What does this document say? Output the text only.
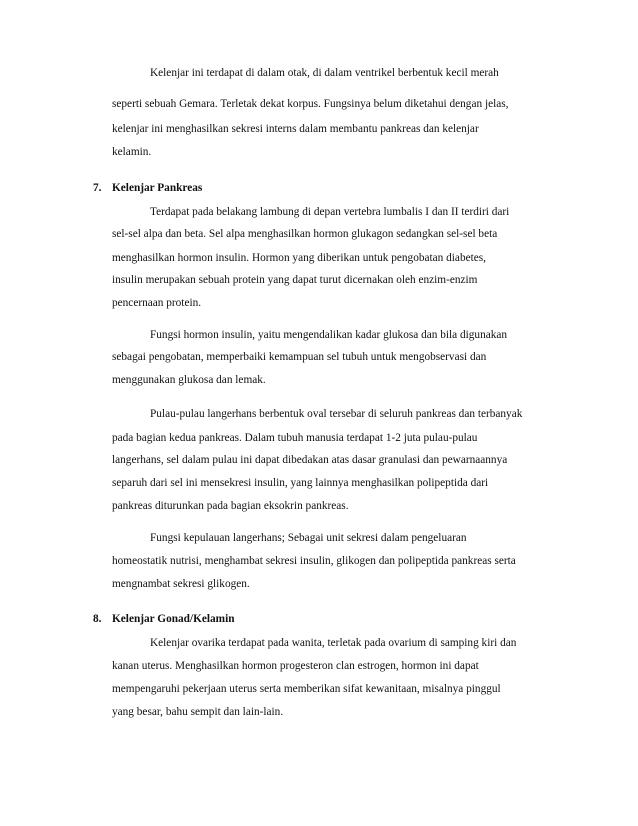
Kelenjar ini terdapat di dalam otak, di dalam ventrikel berbentuk kecil merah
seperti sebuah Gemara. Terletak dekat korpus. Fungsinya belum diketahui dengan jelas,
kelenjar ini menghasilkan sekresi interns dalam membantu pankreas dan kelenjar
kelamin.
7. Kelenjar Pankreas
Terdapat pada belakang lambung di depan vertebra lumbalis I dan II terdiri dari
sel-sel alpa dan beta. Sel alpa menghasilkan hormon glukagon sedangkan sel-sel beta
menghasilkan hormon insulin. Hormon yang diberikan untuk pengobatan diabetes,
insulin merupakan sebuah protein yang dapat turut dicernakan oleh enzim-enzim
pencernaan protein.
Fungsi hormon insulin, yaitu mengendalikan kadar glukosa dan bila digunakan
sebagai pengobatan, memperbaiki kemampuan sel tubuh untuk mengobservasi dan
menggunakan glukosa dan lemak.
Pulau-pulau langerhans berbentuk oval tersebar di seluruh pankreas dan terbanyak
pada bagian kedua pankreas. Dalam tubuh manusia terdapat 1-2 juta pulau-pulau
langerhans, sel dalam pulau ini dapat dibedakan atas dasar granulasi dan pewarnaannya
separuh dari sel ini mensekresi insulin, yang lainnya menghasilkan polipeptida dari
pankreas diturunkan pada bagian eksokrin pankreas.
Fungsi kepulauan langerhans; Sebagai unit sekresi dalam pengeluaran
homeostatik nutrisi, menghambat sekresi insulin, glikogen dan polipeptida pankreas serta
mengnambat sekresi glikogen.
8. Kelenjar Gonad/Kelamin
Kelenjar ovarika terdapat pada wanita, terletak pada ovarium di samping kiri dan
kanan uterus. Menghasilkan hormon progesteron clan estrogen, hormon ini dapat
mempengaruhi pekerjaan uterus serta memberikan sifat kewanitaan, misalnya pinggul
yang besar, bahu sempit dan lain-lain.
